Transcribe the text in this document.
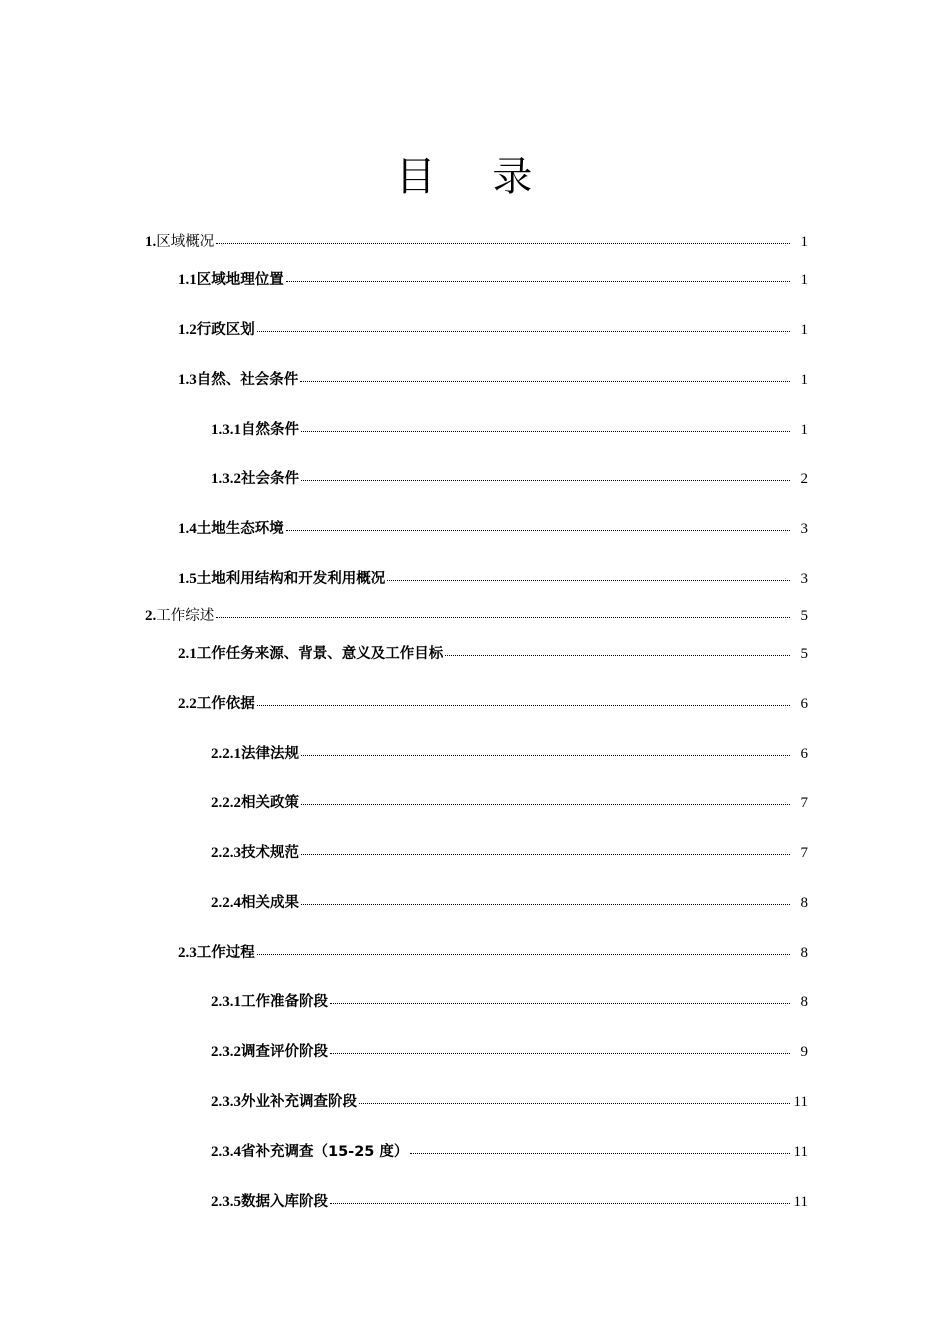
目 录
1. 区域概况	1
1.1 区域地理位置	1
1.2 行政区划	1
1.3 自然、社会条件	1
1.3.1 自然条件	1
1.3.2 社会条件	2
1.4 土地生态环境	3
1.5 土地利用结构和开发利用概况	3
2. 工作综述	5
2.1 工作任务来源、背景、意义及工作目标	5
2.2 工作依据	6
2.2.1 法律法规	6
2.2.2 相关政策	7
2.2.3 技术规范	7
2.2.4 相关成果	8
2.3 工作过程	8
2.3.1 工作准备阶段	8
2.3.2 调查评价阶段	9
2.3.3 外业补充调查阶段	11
2.3.4 省补充调查（15-25 度）	11
2.3.5 数据入库阶段	11
